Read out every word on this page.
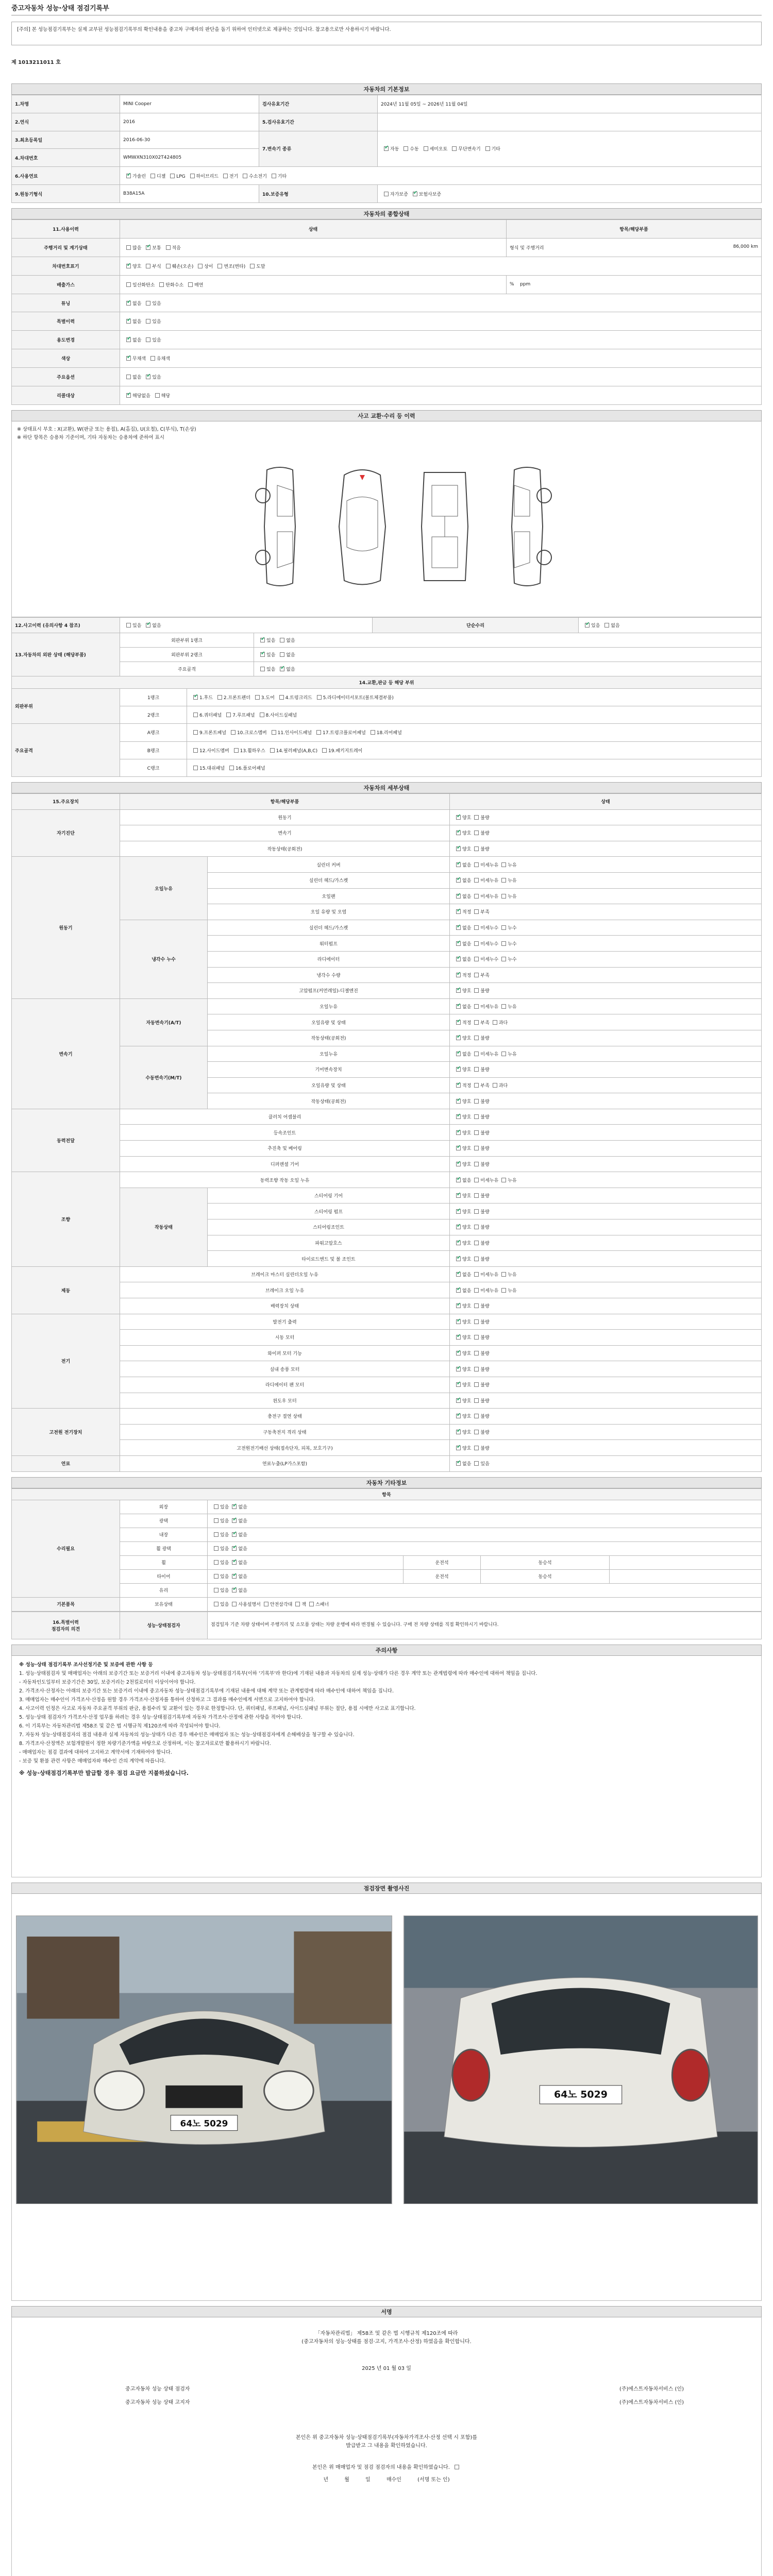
중고자동차 성능·상태 점검기록부
[주의] 본 성능점검기록부는 실제 교부된 성능점검기록부의 확인내용을 중고차 구매자의 판단을 돕기 위하여 인터넷으로 제공하는 것입니다. 참고용으로만 사용하시기 바랍니다.
제 1013211011 호
자동차의 기본정보
1.차명	MINI Cooper	검사유효기간	2024년 11월 05일 ~ 2026년 11월 04일
2.연식	2016	5.검사유효기간	
3.최초등록일	2016-06-30	7.변속기 종류	✔자동 수동 세미오토 무단변속기 기타
4.차대번호	WMWXN310X02T424805		
6.사용연료	✔가솔린 디젤 LPG 하이브리드 전기 수소전기 기타
9.원동기형식	B38A15A	10.보증유형	자가보증 ✔ 보험사보증
자동차의 종합상태
11.사용이력	상태	항목/해당부품
주행거리 및 계기상태	많음 ✔ 보통 적음	형식 및 주행거리 86,000 km

차대번호표기	✔양호 부식 훼손(오손) 상이 변조(변타) 도말
배출가스	일산화탄소 탄화수소 매연	% ppm
튜닝	✔없음 있음
특별이력	✔없음 있음
용도변경	✔없음 있음
색상	✔무채색 유채색
주요옵션	없음 ✔ 있음
리콜대상	✔해당없음 해당
사고 교환·수리 등 이력
※ 상태표시 부호 : X(교환), W(판금 또는 용접), A(흠집), U(요철), C(부식), T(손상)
※ 하단 항목은 승용차 기준이며, 기타 자동차는 승용차에 준하여 표시
12.사고이력 (유의사항 4 참조)	있음 ✔ 없음			단순수리	✔있음 없음
13.자동차의 외판 상태 (해당부품)	외판부위 1랭크	✔있음 없음
	외판부위 2랭크	✔있음 없음
	주요골격		있음 ✔ 없음
14.교환,판금 등 해당 부위					
외판부위	1랭크	✔1.후드 2.프론트펜더 3.도어 4.트렁크리드 5.라디에이터서포트(볼트체결부품)
	2랭크	6.쿼터패널 7.루프패널 8.사이드실패널			
주요골격	A랭크	9.프론트패널 10.크로스멤버 11.인사이드패널 17.트렁크플로어패널 18.리어패널			
	B랭크	12.사이드멤버 13.휠하우스 14.필러패널(A,B,C) 19.패키지트레이			
	C랭크	15.대쉬패널 16.플로어패널			
자동차의 세부상태
15.주요장치	항목/해당부품		상태
자기진단	원동기	✔양호 불량
	변속기	✔양호 불량
	작동상태(공회전)	✔양호 불량
원동기	오일누유	실린더 커버	✔없음 미세누유 누유
		실린더 헤드/가스켓	✔없음 미세누유 누유
		오일팬	✔없음 미세누유 누유
		오일 유량 및 오염	✔적정 부족
	냉각수 누수	실린더 헤드/가스켓	✔없음 미세누수 누수
		워터펌프	✔없음 미세누수 누수
		라디에이터	✔없음 미세누수 누수
		냉각수 수량	✔적정 부족
		고압펌프(커먼레일)-디젤엔진	✔양호 불량
변속기	자동변속기(A/T)	오일누유	✔없음 미세누유 누유
		오일유량 및 상태	✔적정 부족 과다
		작동상태(공회전)	✔양호 불량
	수동변속기(M/T)	오일누유	✔없음 미세누유 누유
		기어변속장치	✔양호 불량
		오일유량 및 상태	✔적정 부족 과다
		작동상태(공회전)	✔양호 불량
동력전달	클러치 어셈블리	✔양호 불량
	등속조인트	✔양호 불량
	추진축 및 베어링	✔양호 불량
	디퍼렌셜 기어	✔양호 불량
조향	동력조향 작동 오일 누유	✔없음 미세누유 누유
	작동상태	스티어링 기어	✔양호 불량
		스티어링 펌프	✔양호 불량
		스티어링조인트	✔양호 불량
		파워고압호스	✔양호 불량
		타이로드엔드 및 볼 조인트	✔양호 불량
제동	브레이크 마스터 실린더오일 누유	✔없음 미세누유 누유
	브레이크 오일 누유	✔없음 미세누유 누유
	배력장치 상태	✔양호 불량
전기	발전기 출력	✔양호 불량
	시동 모터	✔양호 불량
	와이퍼 모터 기능	✔양호 불량
	실내 송풍 모터	✔양호 불량
	라디에이터 팬 모터	✔양호 불량
	윈도우 모터	✔양호 불량
고전원 전기장치	충전구 절연 상태	✔양호 불량
	구동축전지 격리 상태	✔양호 불량
	고전원전기배선 상태(접속단자, 피복, 보호기구)	✔양호 불량
연료	연료누출(LP가스포함)	✔없음 있음
자동차 기타정보
항목					
수리필요	외장	있음 ✔ 없음
	광택	있음 ✔ 없음
	내장	있음 ✔ 없음
	휠 광택	있음 ✔ 없음
	휠	있음 ✔ 없음	운전석	동승석	
	타이어	있음 ✔ 없음	운전석	동승석	
	유리	있음 ✔ 없음
기본품목	보유상태	있음 사용설명서 안전삼각대 잭 스패너			
16.특별이력
점검자의 의견	성능·상태점검자	점검일자 기준 차량 상태이며 주행거리 및 소모품 상태는 차량 운행에 따라 변경될 수 있습니다. 구매 전 차량 상태를 직접 확인하시기 바랍니다.
주의사항

※ 성능·상태 점검기록부 조사선정기준 및 보증에 관한 사항 등

1. 성능·상태점검자 및 매매업자는 아래의 보증기간 또는 보증거리 이내에 중고자동차 성능·상태점검기록부(이하 '기록부'라 한다)에 기재된 내용과 자동차의 실제 성능·상태가 다른 경우 계약 또는 관계법령에 따라 매수인에 대하여 책임을 집니다.

- 자동차인도일부터 보증기간은 30일, 보증거리는 2천킬로미터 이상이어야 합니다.

2. 가격조사·산정자는 아래의 보증기간 또는 보증거리 이내에 중고자동차 성능·상태점검기록부에 기재된 내용에 대해 계약 또는 관계법령에 따라 매수인에 대하여 책임을 집니다.

3. 매매업자는 매수인이 가격조사·산정을 원할 경우 가격조사·산정자를 통하여 산정하고 그 결과를 매수인에게 서면으로 고지하여야 합니다.

4. 사고이력 인정은 사고로 자동차 주요골격 부위의 판금, 용접수리 및 교환이 있는 경우로 한정합니다. 단, 쿼터패널, 루프패널, 사이드실패널 부위는 절단, 용접 시에만 사고로 표기합니다.

5. 성능·상태 점검자가 가격조사·산정 업무를 하려는 경우 성능·상태점검기록부에 자동차 가격조사·산정에 관한 사항을 적어야 합니다.

6. 이 기록부는 자동차관리법 제58조 및 같은 법 시행규칙 제120조에 따라 작성되어야 합니다.

7. 자동차 성능·상태점검자의 점검 내용과 실제 자동차의 성능·상태가 다른 경우 매수인은 매매업자 또는 성능·상태점검자에게 손해배상을 청구할 수 있습니다.

8. 가격조사·산정액은 보험개발원이 정한 차량기준가액을 바탕으로 산정하며, 이는 참고자료로만 활용하시기 바랍니다.

- 매매업자는 점검 결과에 대하여 고지하고 계약서에 기재하여야 합니다.

- 보증 및 환불 관련 사항은 매매업자와 매수인 간의 계약에 따릅니다.

※ 성능·상태점검기록부만 발급할 경우 점검 요금만 지불하셨습니다.

점검장면 촬영사진
64노 5029
64노 5029
서명
「자동차관리법」 제58조 및 같은 법 시행규칙 제120조에 따라
(중고자동차의 성능·상태를 점검·고지, 가격조사·산정) 하였음을 확인합니다.
2025 년 01 월 03 일
중고자동차 성능 상태 점검자	(주)에스트자동차서비스 (인)
중고자동차 성능 상태 고지자	(주)에스트자동차서비스 (인)
본인은 위 중고자동차 성능·상태점검기록부(자동차가격조사·산정 선택 시 포함)를
발급받고 그 내용을 확인하였습니다.
본인은 위 매매업자 및 점검 점검자의 내용을 확인하였습니다.
년	월	일	매수인	(서명 또는 인)
